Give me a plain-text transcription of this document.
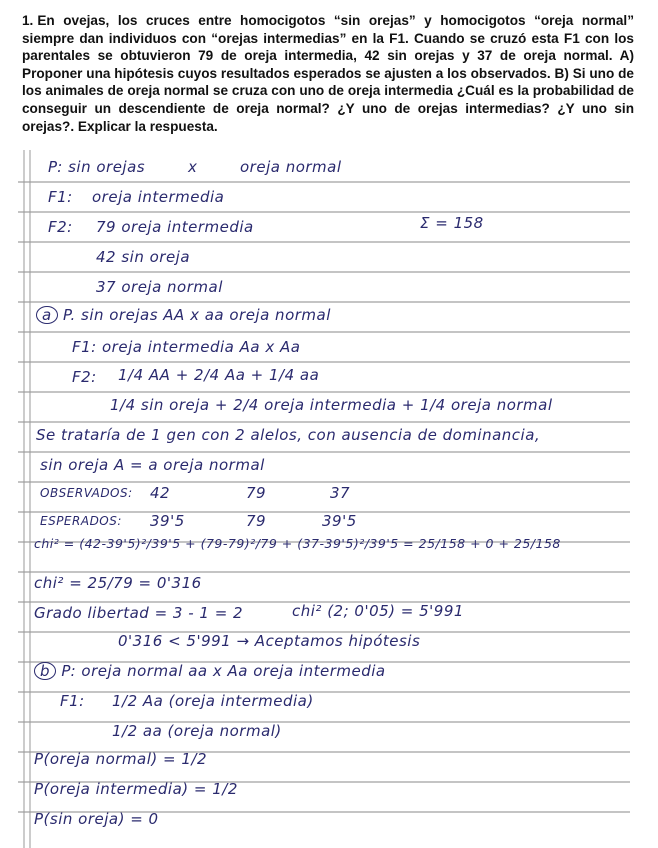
1. En ovejas, los cruces entre homocigotos “sin orejas” y homocigotos “oreja normal” siempre dan individuos con “orejas intermedias” en la F1. Cuando se cruzó esta F1 con los parentales se obtuvieron 79 de oreja intermedia, 42 sin orejas y 37 de oreja normal. A) Proponer una hipótesis cuyos resultados esperados se ajusten a los observados. B) Si uno de los animales de oreja normal se cruza con uno de oreja intermedia ¿Cuál es la probabilidad de conseguir un descendiente de oreja normal? ¿Y uno de orejas intermedias? ¿Y uno sin orejas?. Explicar la respuesta.

P: sin orejas	x	oreja normal
F1: oreja intermedia
F2: 79 oreja intermedia	Σ = 158
42 sin oreja
37 oreja normal
a P. sin orejas AA x aa oreja normal
F1: oreja intermedia Aa x Aa
F2: 1/4 AA + 2/4 Aa + 1/4 aa
1/4 sin oreja + 2/4 oreja intermedia + 1/4 oreja normal
Se trataría de 1 gen con 2 alelos, con ausencia de dominancia,
sin oreja A = a oreja normal
OBSERVADOS: 42	79	37
ESPERADOS: 39'5	79	39'5
chi² = (42-39'5)²/39'5 + (79-79)²/79 + (37-39'5)²/39'5 = 25/158 + 0 + 25/158
chi² = 25/79 = 0'316
Grado libertad = 3 - 1 = 2	chi² (2; 0'05) = 5'991
0'316 < 5'991 → Aceptamos hipótesis
b P: oreja normal aa x Aa oreja intermedia
F1: 1/2 Aa (oreja intermedia)
1/2 aa (oreja normal)
P(oreja normal) = 1/2
P(oreja intermedia) = 1/2
P(sin oreja) = 0
